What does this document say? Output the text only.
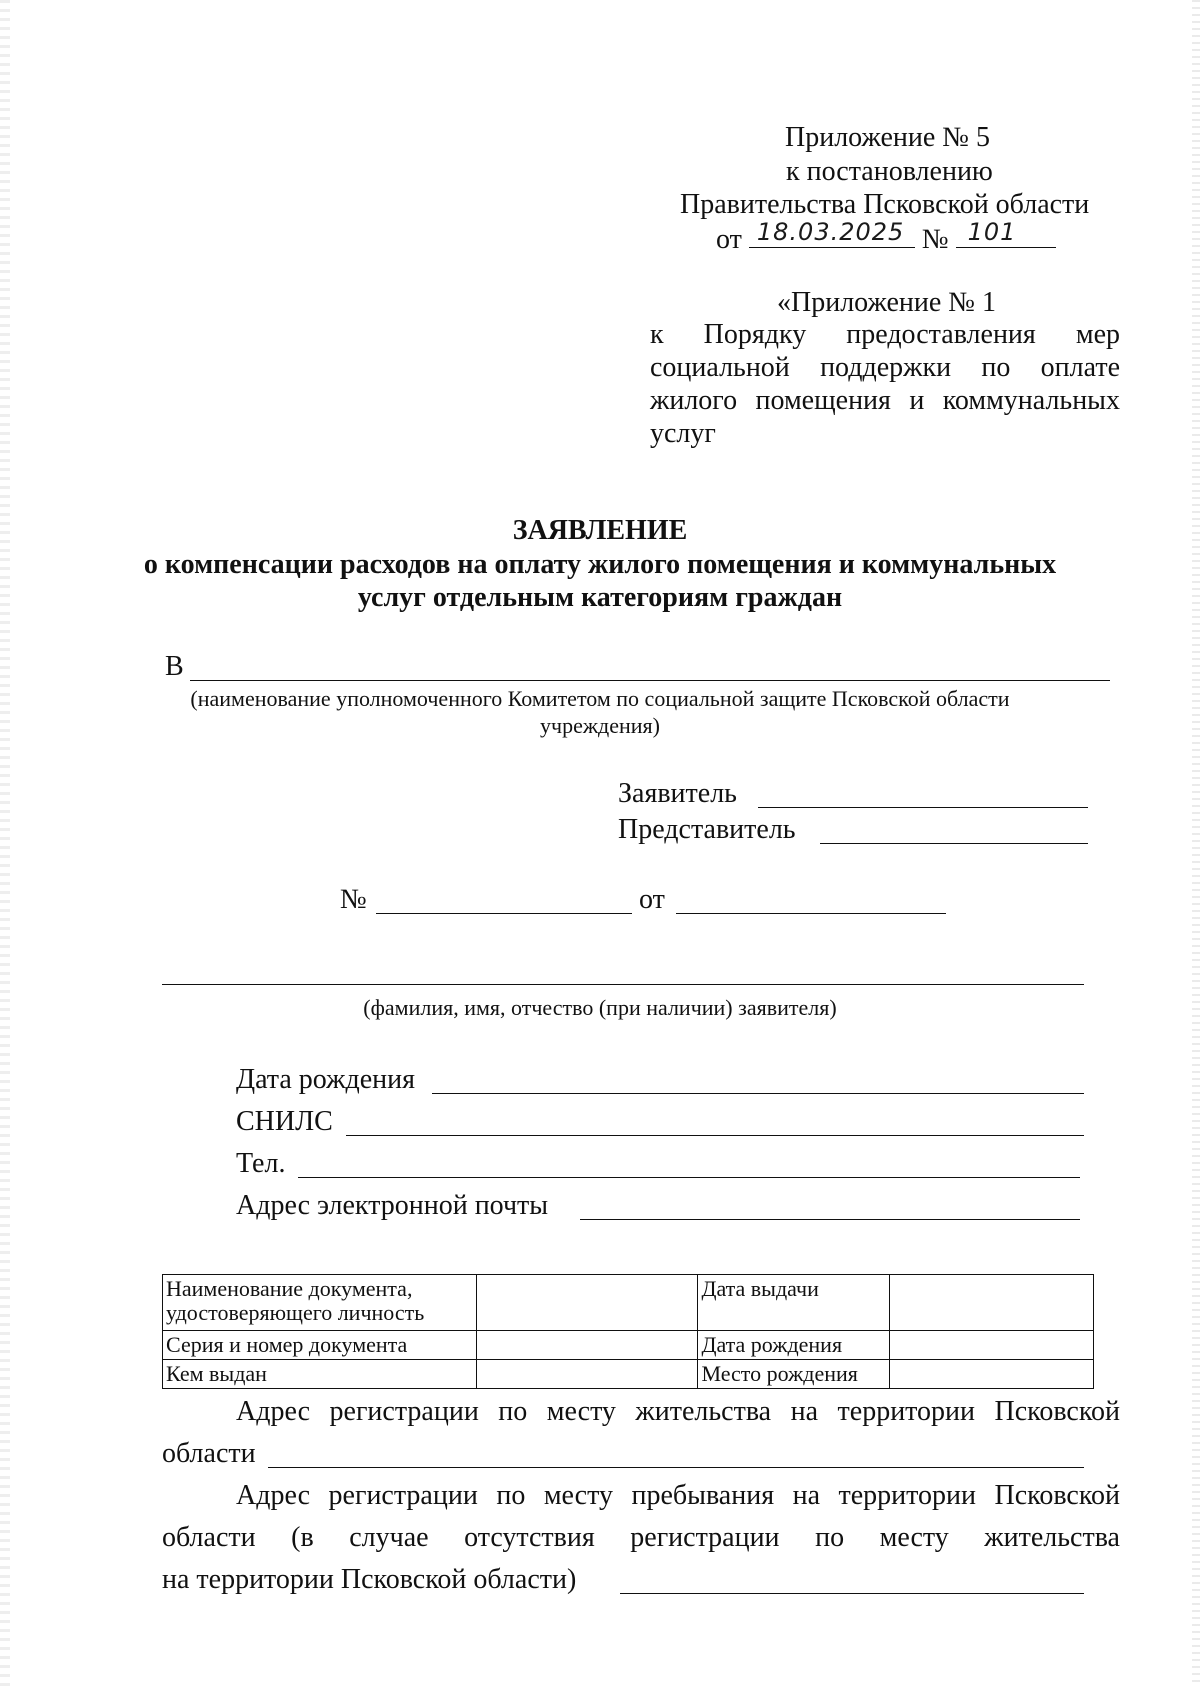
Приложение № 5
к постановлению
Правительства Псковской области
от 18.03.2025 № 101
«Приложение № 1
к Порядку предоставления мер
социальной поддержки по оплате
жилого помещения и коммунальных
услуг
ЗАЯВЛЕНИЕ
о компенсации расходов на оплату жилого помещения и коммунальных
услуг отдельным категориям граждан
В
(наименование уполномоченного Комитетом по социальной защите Псковской области
учреждения)
Заявитель
Представитель
№	от
(фамилия, имя, отчество (при наличии) заявителя)
Дата рождения
СНИЛС
Тел.
Адрес электронной почты
Наименование документа,
удостоверяющего личность		Дата выдачи	
Серия и номер документа		Дата рождения	
Кем выдан		Место рождения	
Адрес регистрации по месту жительства на территории Псковской
области
Адрес регистрации по месту пребывания на территории Псковской
области (в случае отсутствия регистрации по месту жительства
на территории Псковской области)
